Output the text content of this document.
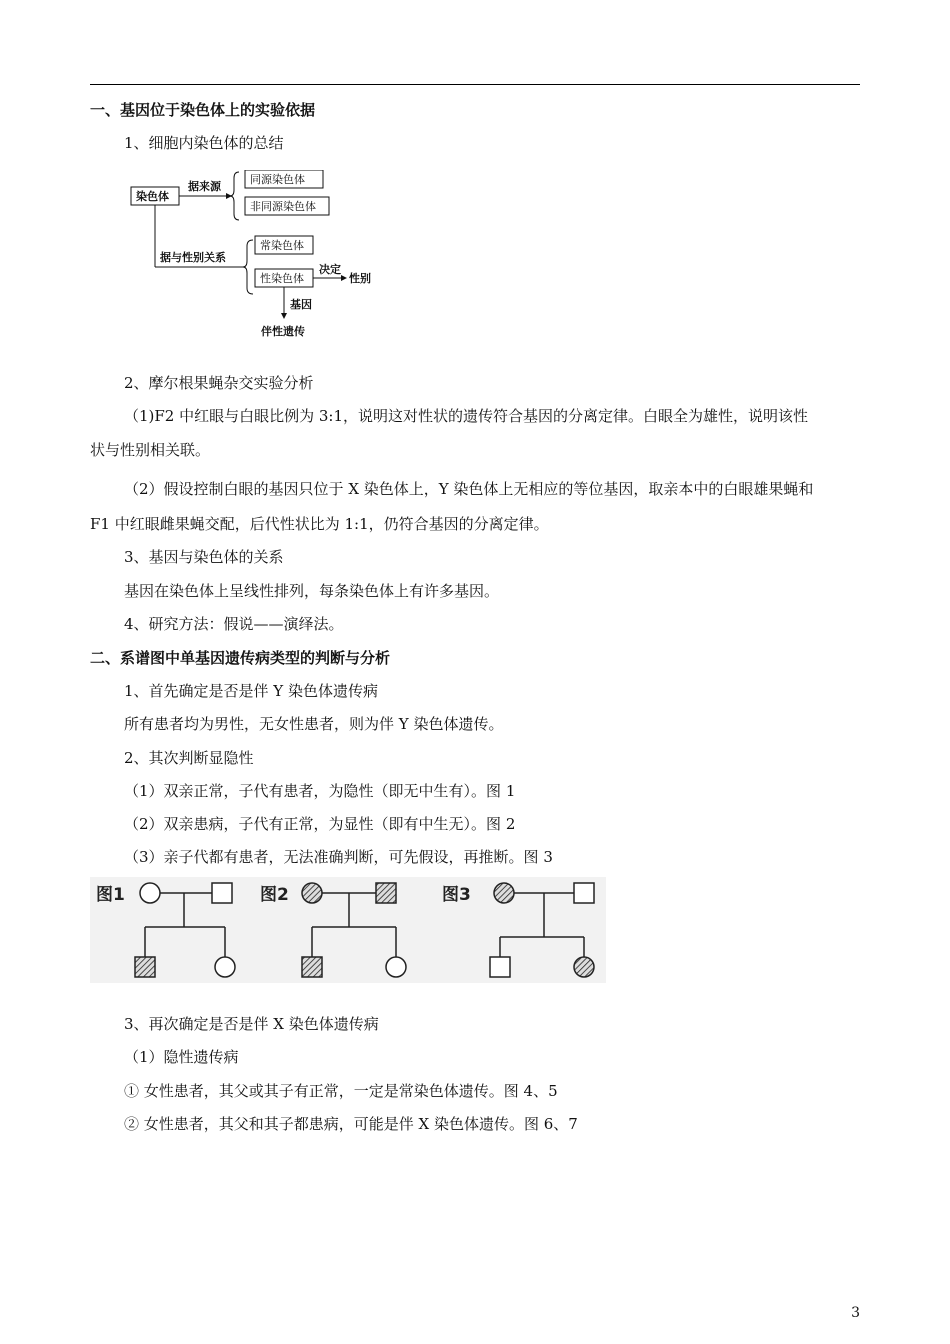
一、基因位于染色体上的实验依据
1、细胞内染色体的总结
染色体
据来源
同源染色体
非同源染色体
据与性别关系
常染色体
性染色体
决定
性别
基因
伴性遗传
2、摩尔根果蝇杂交实验分析
（1)F2 中红眼与白眼比例为 3:1，说明这对性状的遗传符合基因的分离定律。白眼全为雄性，说明该性
状与性别相关联。
（2）假设控制白眼的基因只位于 X 染色体上，Y 染色体上无相应的等位基因，取亲本中的白眼雄果蝇和
F1 中红眼雌果蝇交配，后代性状比为 1:1，仍符合基因的分离定律。
3、基因与染色体的关系
基因在染色体上呈线性排列，每条染色体上有许多基因。
4、研究方法：假说——演绎法。
二、系谱图中单基因遗传病类型的判断与分析
1、首先确定是否是伴 Y 染色体遗传病
所有患者均为男性，无女性患者，则为伴 Y 染色体遗传。
2、其次判断显隐性
（1）双亲正常，子代有患者，为隐性（即无中生有）。图 1
（2）双亲患病，子代有正常，为显性（即有中生无）。图 2
（3）亲子代都有患者，无法准确判断，可先假设，再推断。图 3
图1	图2	图3
3、再次确定是否是伴 X 染色体遗传病
（1）隐性遗传病
① 女性患者，其父或其子有正常，一定是常染色体遗传。图 4、5
② 女性患者，其父和其子都患病，可能是伴 X 染色体遗传。图 6、7
3
